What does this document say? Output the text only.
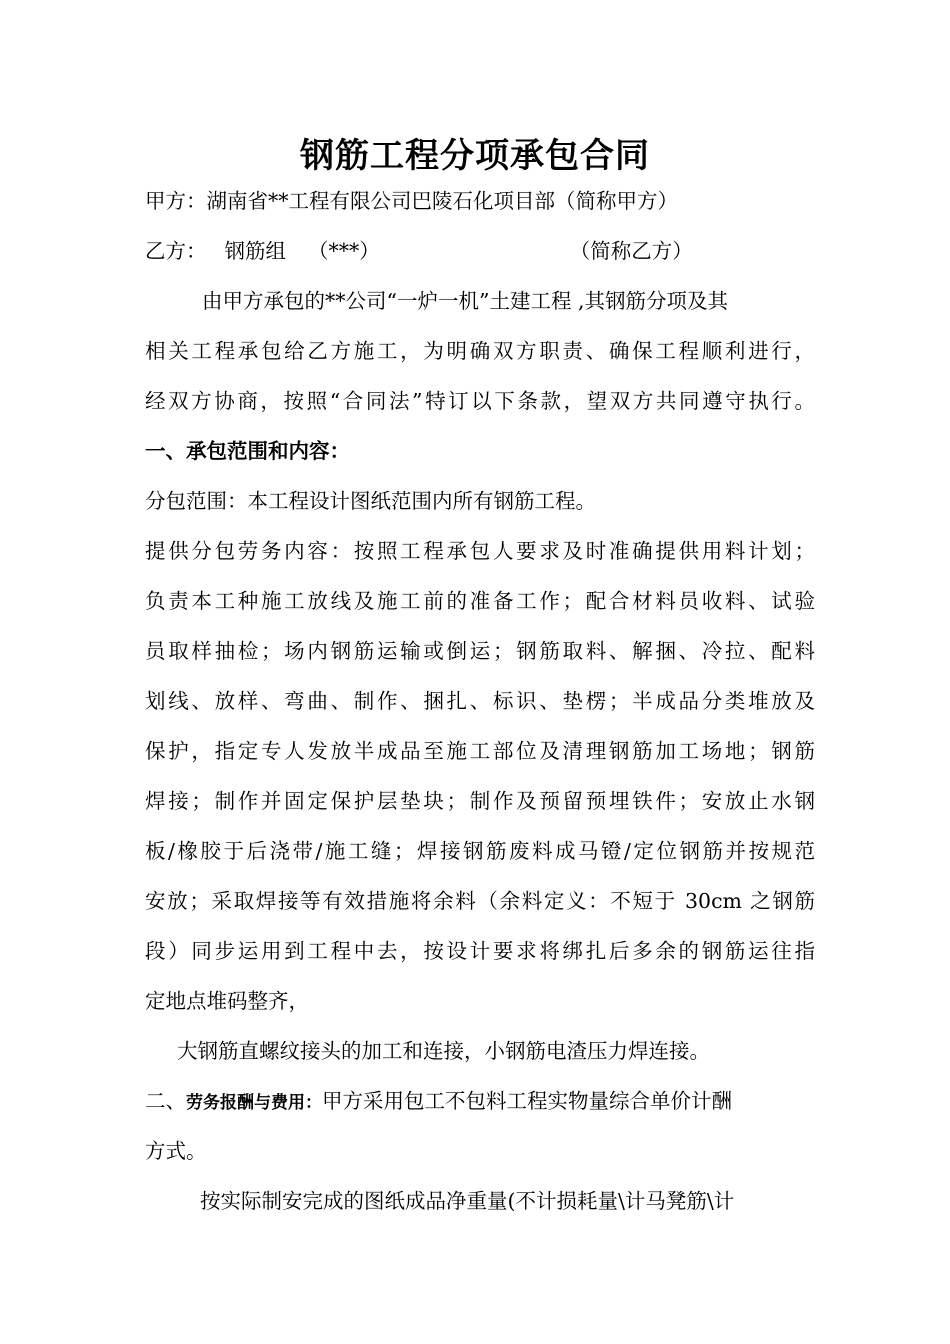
钢筋工程分项承包合同
甲方：湖南省**工程有限公司巴陵石化项目部（简称甲方）
乙方： 钢筋组 （***）	（简称乙方）
由甲方承包的**公司“一炉一机”土建工程 ,其钢筋分项及其
相关工程承包给乙方施工，为明确双方职责、确保工程顺利进行，
经双方协商，按照“合同法”特订以下条款，望双方共同遵守执行。
一、承包范围和内容：
分包范围：本工程设计图纸范围内所有钢筋工程。
提供分包劳务内容：按照工程承包人要求及时准确提供用料计划；
负责本工种施工放线及施工前的准备工作；配合材料员收料、试验
员取样抽检；场内钢筋运输或倒运；钢筋取料、解捆、冷拉、配料
划线、放样、弯曲、制作、捆扎、标识、垫楞；半成品分类堆放及
保护，指定专人发放半成品至施工部位及清理钢筋加工场地；钢筋
焊接；制作并固定保护层垫块；制作及预留预埋铁件；安放止水钢
板/橡胶于后浇带/施工缝；焊接钢筋废料成马镫/定位钢筋并按规范
安放；采取焊接等有效措施将余料（余料定义：不短于 30cm 之钢筋
段）同步运用到工程中去，按设计要求将绑扎后多余的钢筋运往指
定地点堆码整齐，
大钢筋直螺纹接头的加工和连接，小钢筋电渣压力焊连接。
二、劳务报酬与费用：甲方采用包工不包料工程实物量综合单价计酬
方式。
按实际制安完成的图纸成品净重量(不计损耗量\计马凳筋\计
